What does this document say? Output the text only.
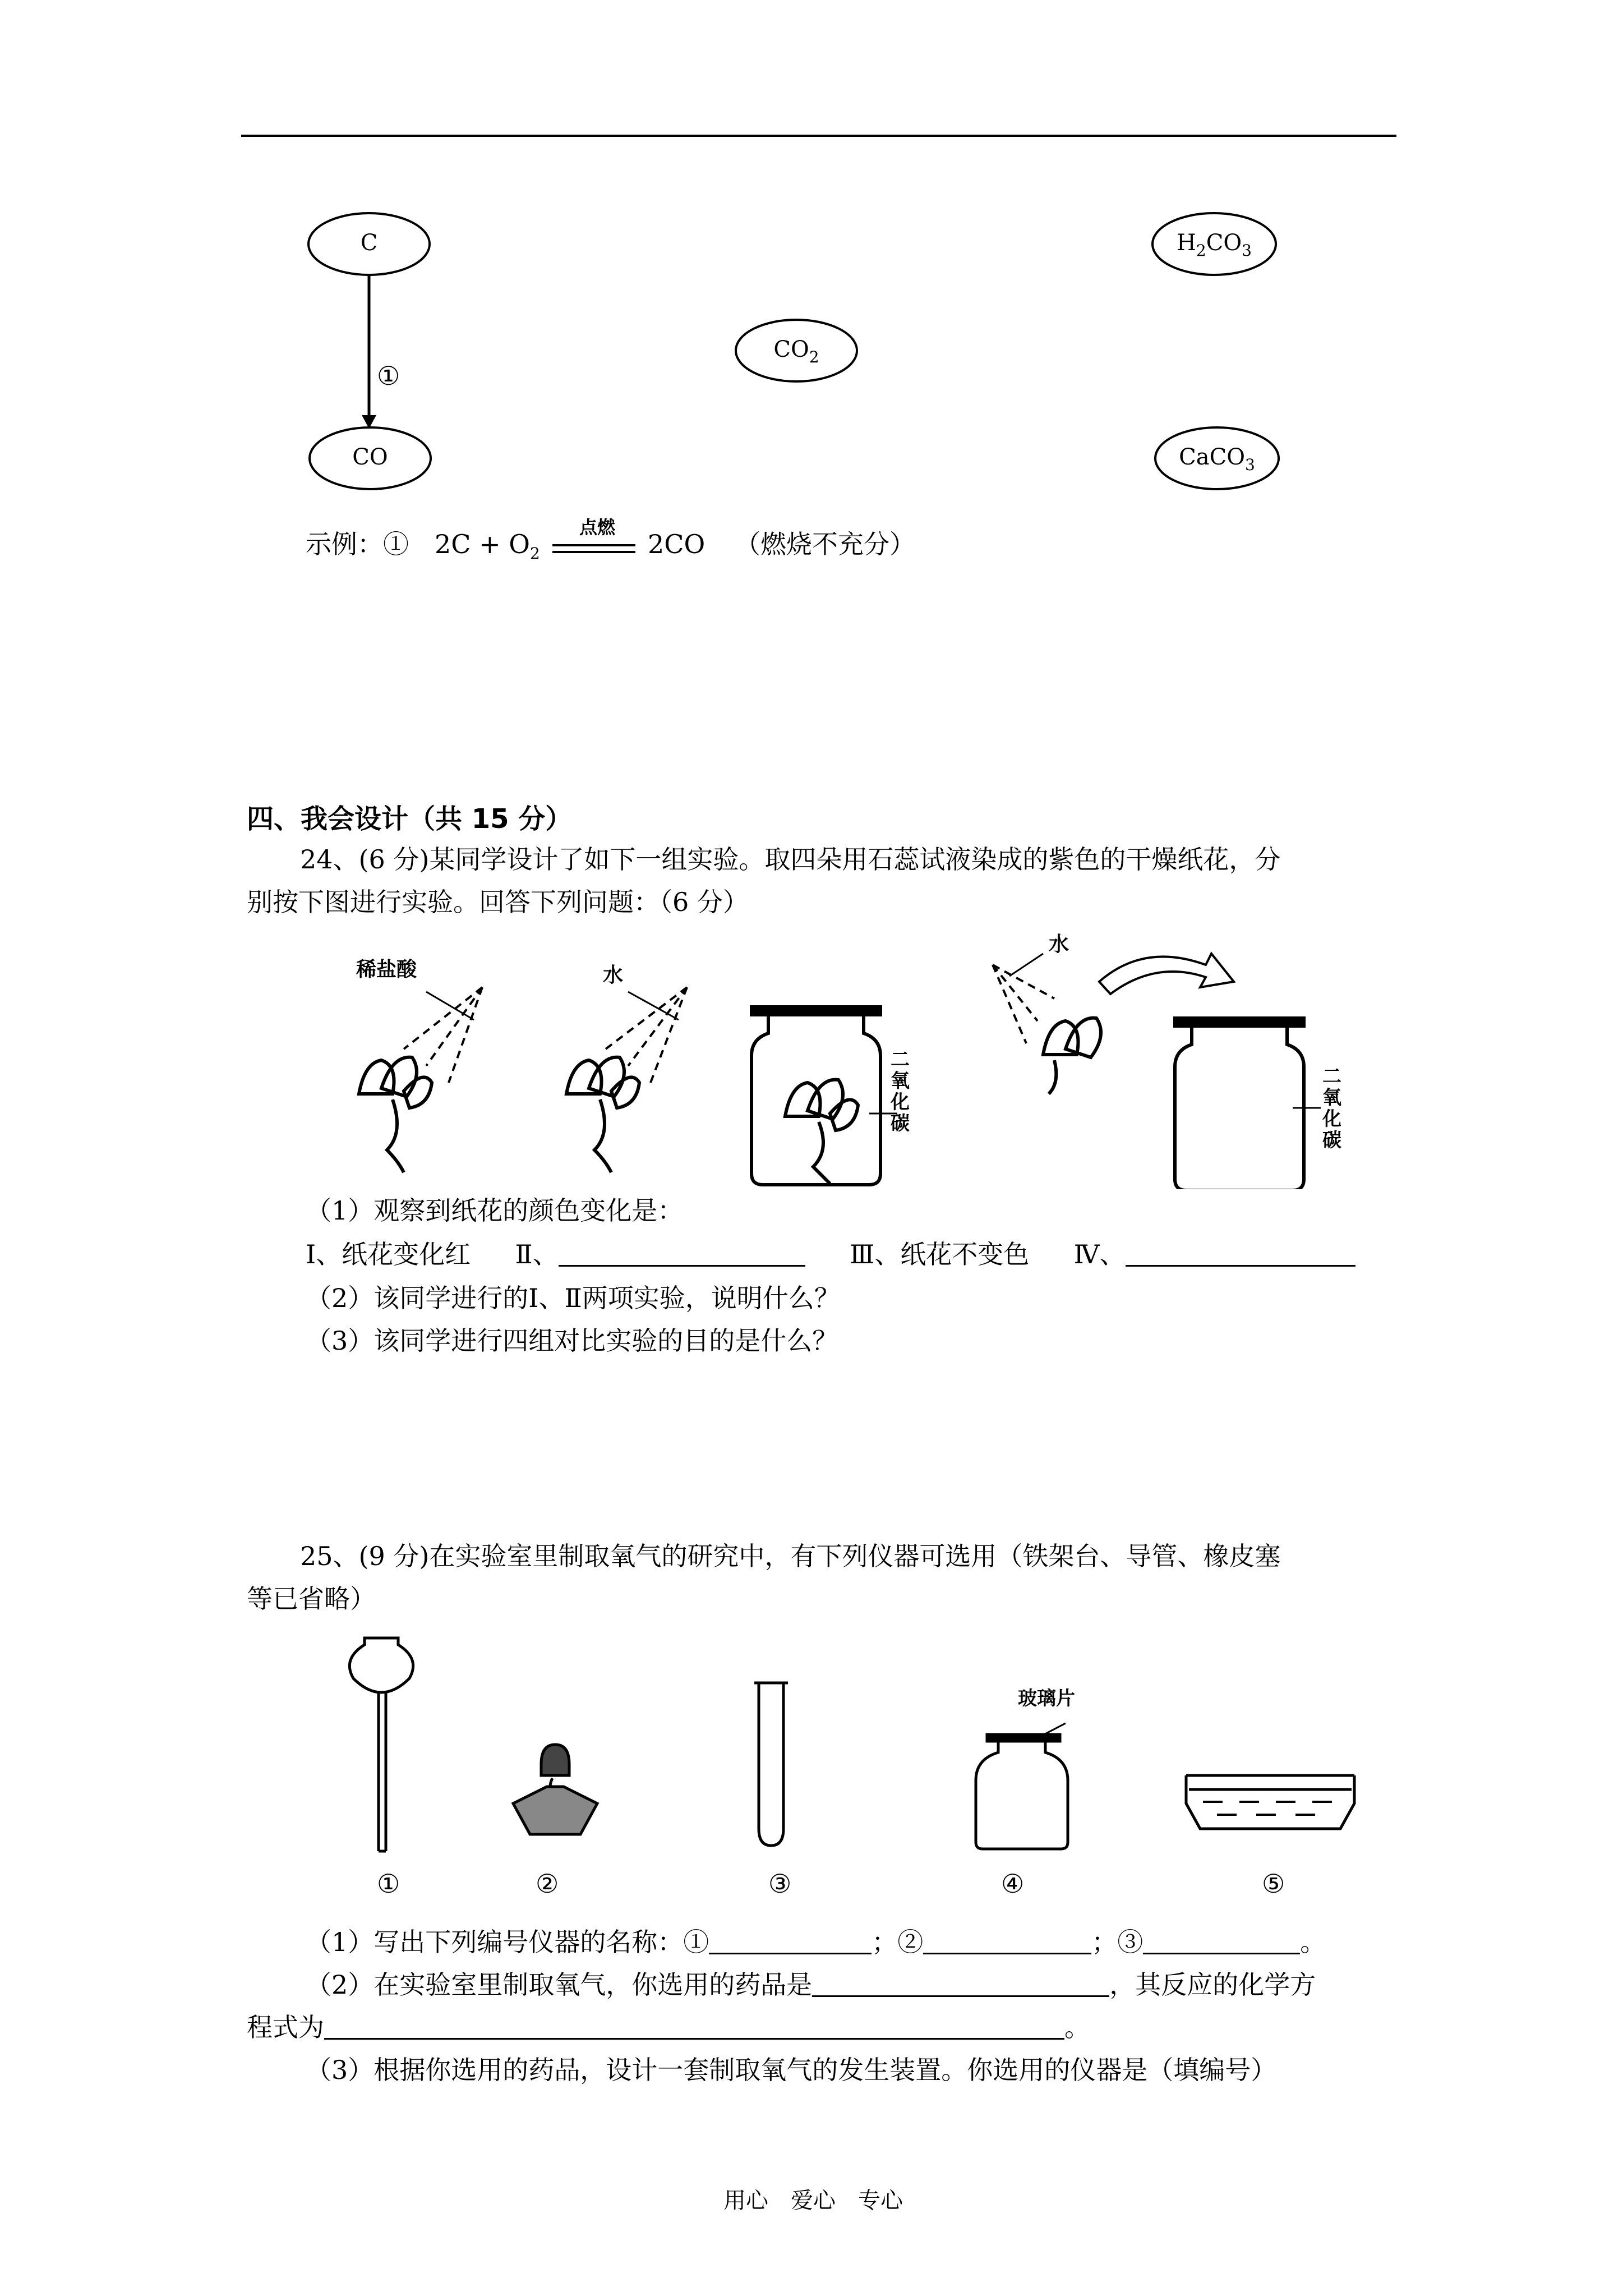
C	$H_2CO_3$
$CO_2$
CO	CaCO$_3$
①
示例：① $2C + O_2$
点燃
2CO （燃烧不充分）
四、我会设计（共 15 分）
24、(6 分)某同学设计了如下一组实验。取四朵用石蕊试液染成的紫色的干燥纸花，分
别按下图进行实验。回答下列问题：（6 分）
稀盐酸	水
水
二
氧
化
碳
二
氧
化
碳
（1）观察到纸花的颜色变化是：
Ⅰ、纸花变化红 Ⅱ、	Ⅲ、纸花不变色 Ⅳ、
（2）该同学进行的Ⅰ、Ⅱ两项实验，说明什么？
（3）该同学进行四组对比实验的目的是什么？
25、(9 分)在实验室里制取氧气的研究中，有下列仪器可选用（铁架台、导管、橡皮塞
等已省略）
玻璃片
①	②	③	④	⑤
（1）写出下列编号仪器的名称：①	；②	；③	。
（2）在实验室里制取氧气，你选用的药品是	，其反应的化学方
程式为	。
（3）根据你选用的药品，设计一套制取氧气的发生装置。你选用的仪器是（填编号）
用心　爱心　专心
